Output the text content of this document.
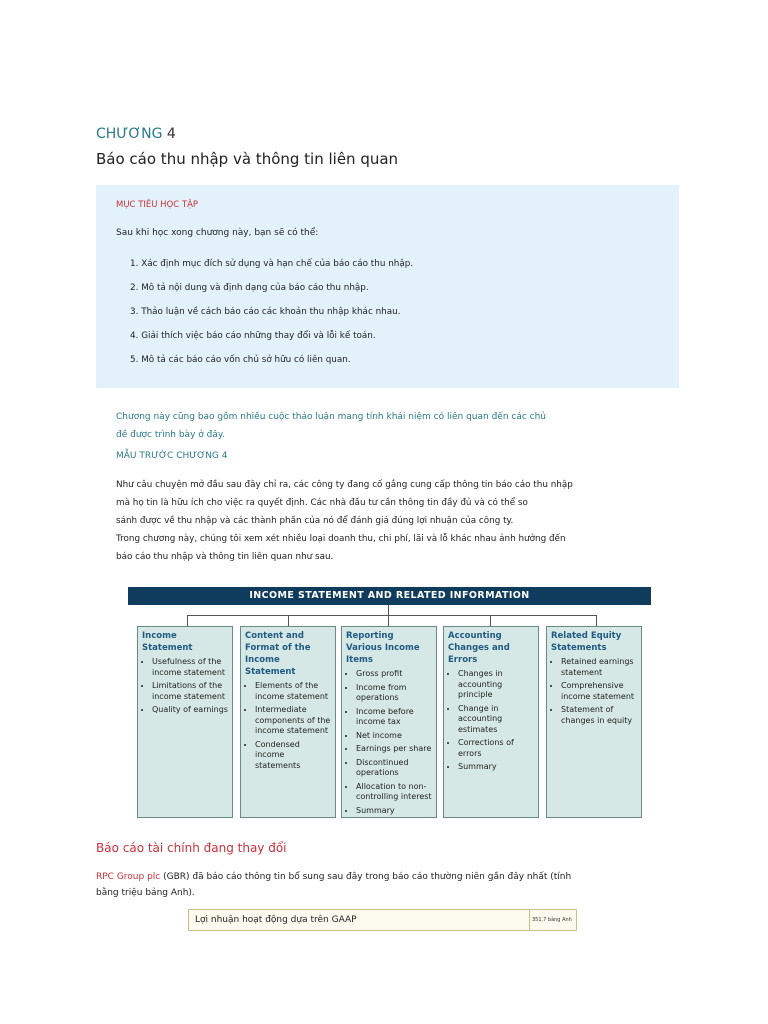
CHƯƠNG 4
Báo cáo thu nhập và thông tin liên quan
MỤC TIÊU HỌC TẬP
Sau khi học xong chương này, bạn sẽ có thể:
1. Xác định mục đích sử dụng và hạn chế của báo cáo thu nhập.
2. Mô tả nội dung và định dạng của báo cáo thu nhập.
3. Thảo luận về cách báo cáo các khoản thu nhập khác nhau.
4. Giải thích việc báo cáo những thay đổi và lỗi kế toán.
5. Mô tả các báo cáo vốn chủ sở hữu có liên quan.
Chương này cũng bao gồm nhiều cuộc thảo luận mang tính khái niệm có liên quan đến các chủ
đề được trình bày ở đây.
MẪU TRƯỚC CHƯƠNG 4
Như câu chuyện mở đầu sau đây chỉ ra, các công ty đang cố gắng cung cấp thông tin báo cáo thu nhập
mà họ tin là hữu ích cho việc ra quyết định. Các nhà đầu tư cần thông tin đầy đủ và có thể so
sánh được về thu nhập và các thành phần của nó để đánh giá đúng lợi nhuận của công ty.
Trong chương này, chúng tôi xem xét nhiều loại doanh thu, chi phí, lãi và lỗ khác nhau ảnh hưởng đến
báo cáo thu nhập và thông tin liên quan như sau.
INCOME STATEMENT AND RELATED INFORMATION
Income Statement
• Usefulness of the income statement
• Limitations of the income statement
• Quality of earnings
Content and Format of the Income Statement
• Elements of the income statement
• Intermediate components of the income statement
• Condensed income statements
Reporting Various Income Items
• Gross profit
• Income from operations
• Income before income tax
• Net income
• Earnings per share
• Discontinued operations
• Allocation to non-controlling interest
• Summary
Accounting Changes and Errors
• Changes in accounting principle
• Change in accounting estimates
• Corrections of errors
• Summary
Related Equity Statements
• Retained earnings statement
• Comprehensive income statement
• Statement of changes in equity
Báo cáo tài chính đang thay đổi
RPC Group plc (GBR) đã báo cáo thông tin bổ sung sau đây trong báo cáo thường niên gần đây nhất (tính
bằng triệu bảng Anh).
Lợi nhuận hoạt động dựa trên GAAP	351,7 bảng Anh
